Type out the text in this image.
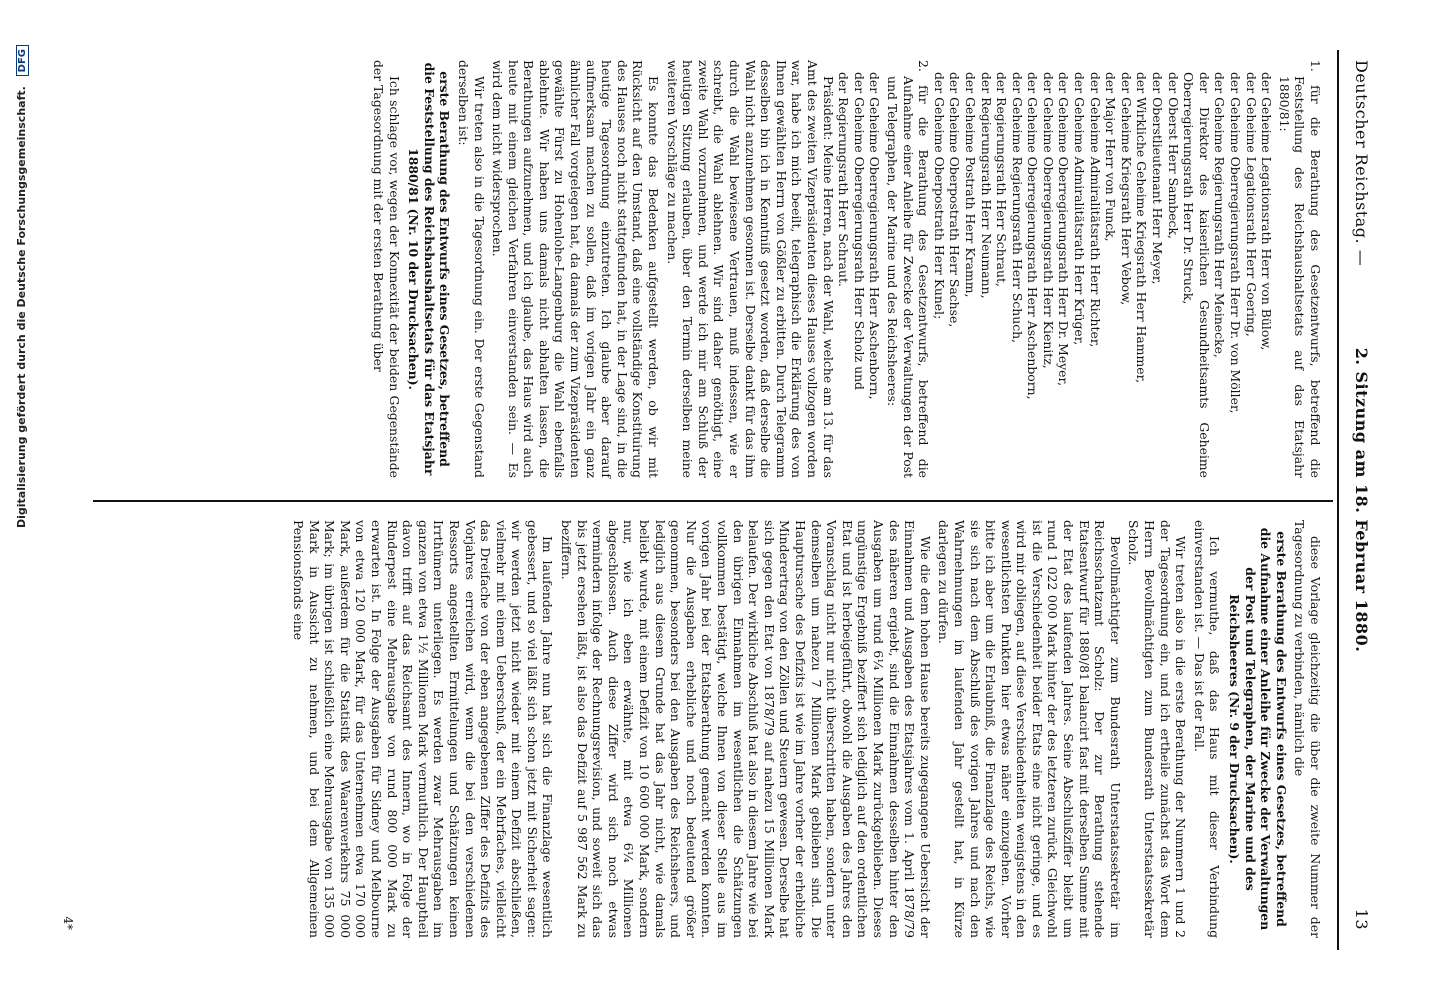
Deutscher Reichstag. —
2. Sitzung am 18. Februar 1880.
13

1. für die Berathung des Gesetzentwurfs, betreffend die Feststellung des Reichshaushaltsetats auf das Etatsjahr 1880/81:

der Geheime Legationsrath Herr von Bülow,

der Geheime Legationsrath Herr Goering,

der Geheime Oberregierungsrath Herr Dr. von Möller,

der Geheime Regierungsrath Herr Meinecke,

der Direktor des kaiserlichen Gesundheitsamts Geheime Oberregierungsrath Herr Dr. Struck,

der Oberst Herr Sambeck,

der Oberstlieutenant Herr Meyer,

der Wirkliche Geheime Kriegsrath Herr Hammer,

der Geheime Kriegsrath Herr Vebow,

der Major Herr von Funck,

der Geheime Admiralitätsrath Herr Richter,

der Geheime Admiralitätsrath Herr Krüger,

der Geheime Oberregierungsrath Herr Dr. Meyer,

der Geheime Oberregierungsrath Herr Kienitz,

der Geheime Oberregierungsrath Herr Aschenborn,

der Geheime Regierungsrath Herr Schuch,

der Regierungsrath Herr Schraut,

der Regierungsrath Herr Neumann,

der Geheime Postrath Herr Kramm,

der Geheime Oberpostrath Herr Sachse,

der Geheime Oberpostrath Herr Kunel;

2. für die Berathung des Gesetzentwurfs, betreffend die Aufnahme einer Anleihe für Zwecke der Verwaltungen der Post und Telegraphen, der Marine und des Reichsheeres:

der Geheime Oberregierungsrath Herr Aschenborn,

der Geheime Oberregierungsrath Herr Scholz und

der Regierungsrath Herr Schraut.

Präsident: Meine Herren, nach der Wahl, welche am 13. für das Amt des zweiten Vizepräsidenten dieses Hauses vollzogen worden war, habe ich mich beeilt, telegraphisch die Erklärung des von Ihnen gewählten Herrn von Gößler zu erbitten. Durch Telegramm desselben bin ich in Kenntniß gesetzt worden, daß derselbe die Wahl nicht anzunehmen gesonnen ist. Derselbe dankt für das ihm durch die Wahl bewiesene Vertrauen, muß indessen, wie er schreibt, die Wahl ablehnen. Wir sind daher genöthigt, eine zweite Wahl vorzunehmen, und werde ich mir am Schluß der heutigen Sitzung erlauben, über den Termin derselben meine weiteren Vorschläge zu machen.

Es konnte das Bedenken aufgestellt werden, ob wir mit Rücksicht auf den Umstand, daß eine vollständige Konstituirung des Hauses noch nicht stattgefunden hat, in der Lage sind, in die heutige Tagesordnung einzutreten. Ich glaube aber darauf aufmerksam machen zu sollen, daß im vorigen Jahr ein ganz ähnlicher Fall vorgelegen hat, da damals der zum Vizepräsidenten gewählte Fürst zu Hohenlohe-Langenburg die Wahl ebenfalls ablehnte. Wir haben uns damals nicht abhalten lassen, die Berathungen aufzunehmen, und ich glaube, das Haus wird auch heute mit einem gleichen Verfahren einverstanden sein. — Es wird dem nicht widersprochen.

Wir treten also in die Tagesordnung ein. Der erste Gegenstand derselben ist:

erste Berathung des Entwurfs eines Gesetzes, betreffend die Feststellung des Reichshaushaltsetats für das Etatsjahr 1880/81 (Nr. 10 der Drucksachen).

Ich schlage vor, wegen der Konnexität der beiden Gegenstände der Tagesordnung mit der ersten Berathung über

diese Vorlage gleichzeitig die über die zweite Nummer der Tagesordnung zu verbinden, nämlich die

erste Berathung des Entwurfs eines Gesetzes, betreffend die Aufnahme einer Anleihe für Zwecke der Verwaltungen der Post und Telegraphen, der Marine und des Reichsheeres (Nr. 9 der Drucksachen).

Ich vermuthe, daß das Haus mit dieser Verbindung einverstanden ist. — Das ist der Fall.

Wir treten also in die erste Berathung der Nummern 1 und 2 der Tagesordnung ein, und ich ertheile zunächst das Wort dem Herrn Bevollmächtigten zum Bundesrath Unterstaatssekretär Scholz.

Bevollmächtigter zum Bundesrath Unterstaatssekretär im Reichsschatzamt Scholz: Der zur Berathung stehende Etatsentwurf für 1880/81 balancirt fast mit derselben Summe mit der Etat des laufenden Jahres. Seine Abschlußziffer bleibt um rund 1 022 000 Mark hinter der des letzteren zurück. Gleichwohl ist die Verschiedenheit beider Etats eine nicht geringe, und es wird mir obliegen, auf diese Verschiedenheiten wenigstens in den wesentlichsten Punkten hier etwas näher einzugehen. Vorher bitte ich aber um die Erlaubniß, die Finanzlage des Reichs, wie sie sich nach dem Abschluß des vorigen Jahres und nach den Wahrnehmungen im laufenden Jahr gestellt hat, in Kürze darlegen zu dürfen.

Wie die dem hohen Hause bereits zugegangene Uebersicht der Einnahmen und Ausgaben des Etatsjahres vom 1. April 1878/79 des näheren ergiebt, sind die Einnahmen desselben hinter den Ausgaben um rund 6¼ Millionen Mark zurückgeblieben. Dieses ungünstige Ergebniß beziffert sich lediglich auf den ordentlichen Etat und ist herbeigeführt, obwohl die Ausgaben des Jahres den Voranschlag nicht nur nicht überschritten haben, sondern unter demselben um nahezu 7 Millionen Mark geblieben sind. Die Hauptursache des Defizits ist wie im Jahre vorher der erhebliche Minderertrag von den Zöllen und Steuern gewesen. Derselbe hat sich gegen den Etat von 1878/79 auf nahezu 15 Millionen Mark belaufen. Der wirkliche Abschluß hat also in diesem Jahre wie bei den übrigen Einnahmen im wesentlichen die Schätzungen vollkommen bestätigt, welche Ihnen von dieser Stelle aus im vorigen Jahr bei der Etatsberathung gemacht werden konnten. Nur die Ausgaben erhebliche und noch bedeutend größer genommen, besonders bei den Ausgaben des Reichsheers, und lediglich aus diesem Grunde hat das Jahr nicht, wie damals beliebt wurde, mit einem Defizit von 10 600 000 Mark, sondern nur, wie ich eben erwähnte, mit etwa 6¼ Millionen abgeschlossen. Auch diese Ziffer wird sich noch etwas vermindern infolge der Rechnungsrevision, und soweit sich das bis jetzt ersehen läßt, ist also das Defizit auf 5 987 562 Mark zu beziffern.

Im laufenden Jahre nun hat sich die Finanzlage wesentlich gebessert, und so viel läßt sich schon jetzt mit Sicherheit sagen: wir werden jetzt nicht wieder mit einem Defizit abschließen, vielmehr mit einem Ueberschuß, der ein Mehrfaches, vielleicht das Dreifache von der eben angegebenen Ziffer des Defizits des Vorjahres erreichen wird, wenn die bei den verschiedenen Ressorts angestellten Ermittelungen und Schätzungen keinen Irrthümern unterliegen. Es werden zwar Mehrausgaben im ganzen von etwa 1½ Millionen Mark vermuthlich. Der Hauptheil davon trifft auf das Reichsamt des Innern, wo in Folge der Rinderpest eine Mehrausgabe von rund 800 000 Mark zu erwarten ist. In Folge der Ausgaben für Sidney und Melbourne von etwa 120 000 Mark, für das Unternehmen etwa 170 000 Mark, außerdem für die Statistik des Waarenverkehrs 75 000 Mark; im übrigen ist schließlich eine Mehrausgabe von 135 000 Mark in Aussicht zu nehmen, und bei dem Allgemeinen Pensionsfonds eine

4*
Digitalisierung gefördert durch die Deutsche Forschungsgemeinschaft. DFG
